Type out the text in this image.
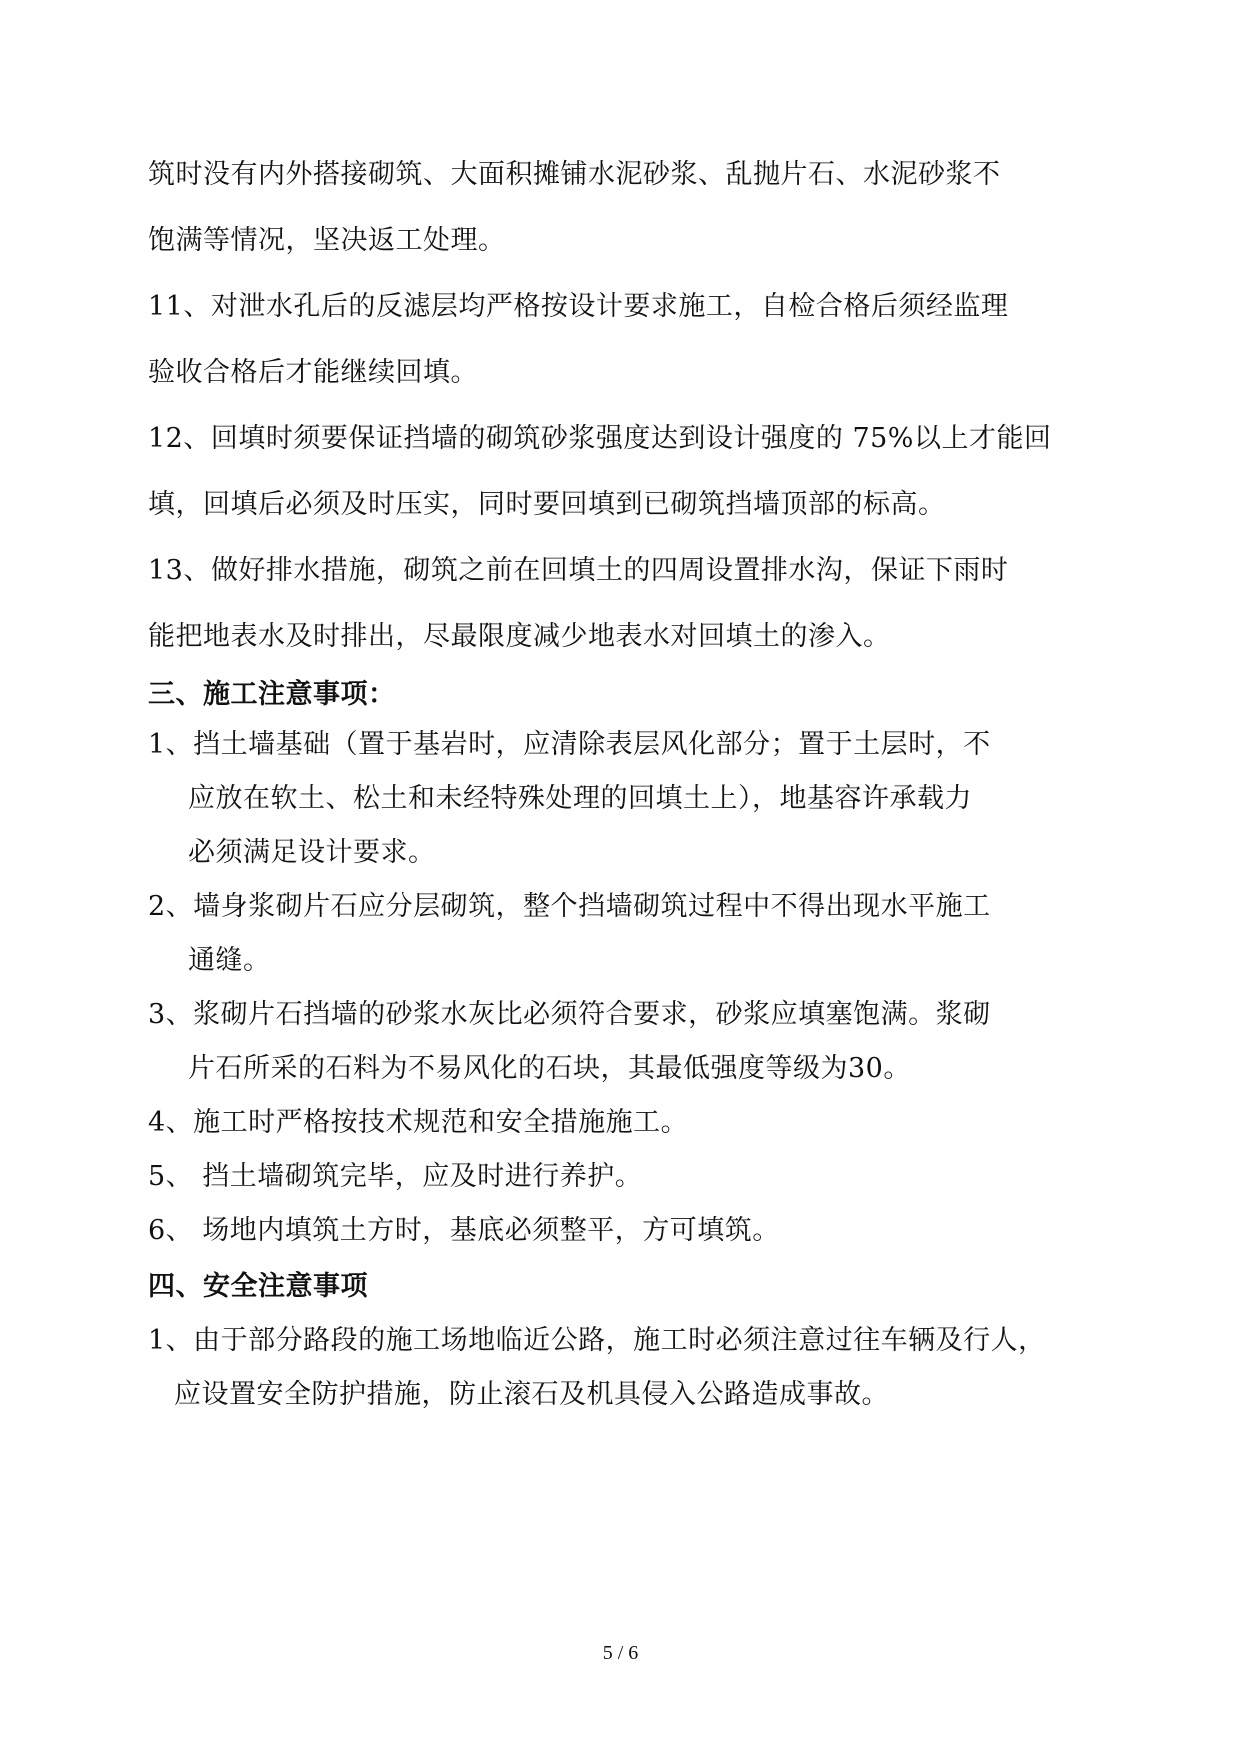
筑时没有内外搭接砌筑、大面积摊铺水泥砂浆、乱抛片石、水泥砂浆不
饱满等情况，坚决返工处理。
11、对泄水孔后的反滤层均严格按设计要求施工，自检合格后须经监理
验收合格后才能继续回填。
12、回填时须要保证挡墙的砌筑砂浆强度达到设计强度的 75%以上才能回
填，回填后必须及时压实，同时要回填到已砌筑挡墙顶部的标高。
13、做好排水措施，砌筑之前在回填土的四周设置排水沟，保证下雨时
能把地表水及时排出，尽最限度减少地表水对回填土的渗入。
三、施工注意事项：
1、挡土墙基础（置于基岩时，应清除表层风化部分；置于土层时，不
应放在软土、松土和未经特殊处理的回填土上），地基容许承载力
必须满足设计要求。
2、墙身浆砌片石应分层砌筑，整个挡墙砌筑过程中不得出现水平施工
通缝。
3、浆砌片石挡墙的砂浆水灰比必须符合要求，砂浆应填塞饱满。浆砌
片石所采的石料为不易风化的石块，其最低强度等级为30。
4、施工时严格按技术规范和安全措施施工。
5、 挡土墙砌筑完毕，应及时进行养护。
6、 场地内填筑土方时，基底必须整平，方可填筑。
四、安全注意事项
1、由于部分路段的施工场地临近公路，施工时必须注意过往车辆及行人，
应设置安全防护措施，防止滚石及机具侵入公路造成事故。
5 / 6
